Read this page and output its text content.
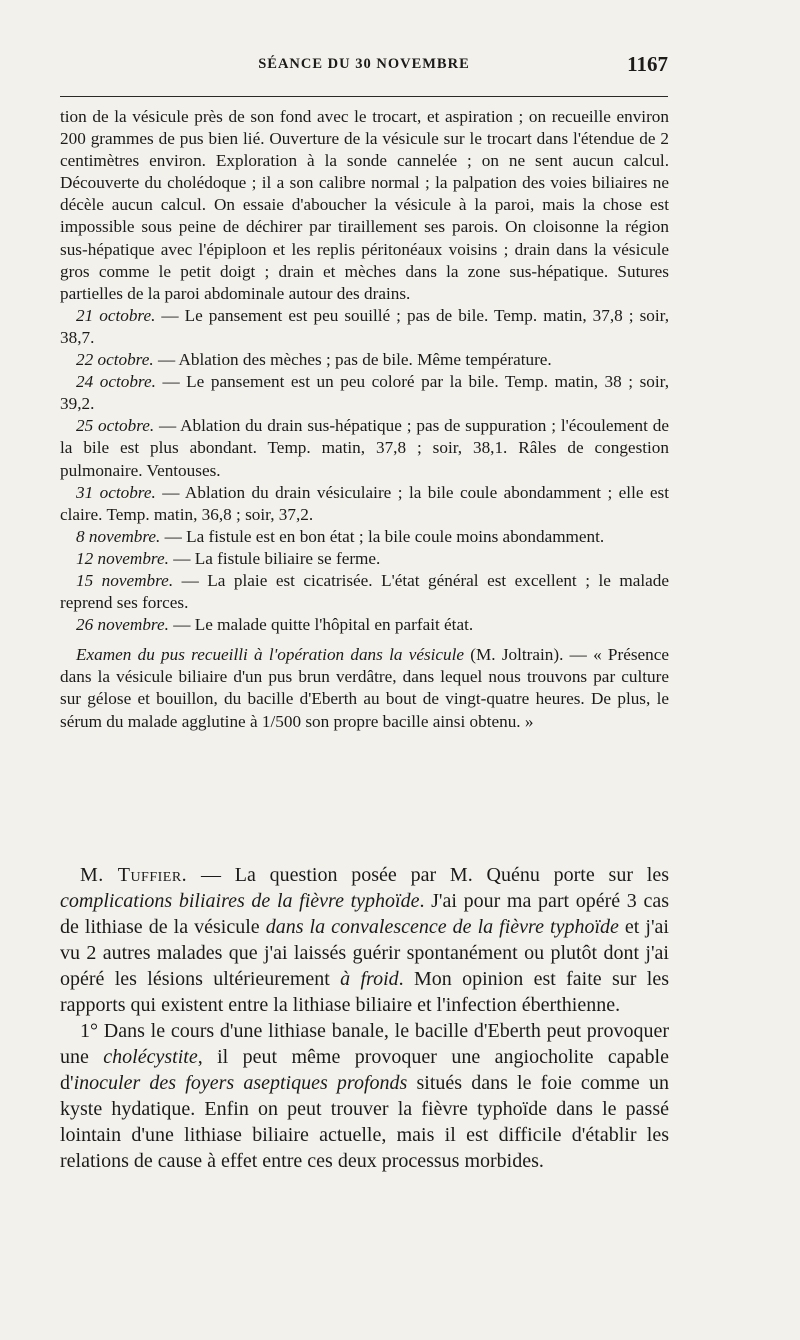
SÉANCE DU 30 NOVEMBRE	1167

tion de la vésicule près de son fond avec le trocart, et aspiration ; on recueille environ 200 grammes de pus bien lié. Ouverture de la vésicule sur le trocart dans l'étendue de 2 centimètres environ. Exploration à la sonde cannelée ; on ne sent aucun calcul. Découverte du cholédoque ; il a son calibre normal ; la palpation des voies biliaires ne décèle aucun calcul. On essaie d'aboucher la vésicule à la paroi, mais la chose est impossible sous peine de déchirer par tiraillement ses parois. On cloisonne la région sus-hépatique avec l'épiploon et les replis péritonéaux voisins ; drain dans la vésicule gros comme le petit doigt ; drain et mèches dans la zone sus-hépatique. Sutures partielles de la paroi abdominale autour des drains.

21 octobre. — Le pansement est peu souillé ; pas de bile. Temp. matin, 37,8 ; soir, 38,7.

22 octobre. — Ablation des mèches ; pas de bile. Même température.

24 octobre. — Le pansement est un peu coloré par la bile. Temp. matin, 38 ; soir, 39,2.

25 octobre. — Ablation du drain sus-hépatique ; pas de suppuration ; l'écoulement de la bile est plus abondant. Temp. matin, 37,8 ; soir, 38,1. Râles de congestion pulmonaire. Ventouses.

31 octobre. — Ablation du drain vésiculaire ; la bile coule abondamment ; elle est claire. Temp. matin, 36,8 ; soir, 37,2.

8 novembre. — La fistule est en bon état ; la bile coule moins abondamment.

12 novembre. — La fistule biliaire se ferme.

15 novembre. — La plaie est cicatrisée. L'état général est excellent ; le malade reprend ses forces.

26 novembre. — Le malade quitte l'hôpital en parfait état.

Examen du pus recueilli à l'opération dans la vésicule (M. Joltrain). — « Présence dans la vésicule biliaire d'un pus brun verdâtre, dans lequel nous trouvons par culture sur gélose et bouillon, du bacille d'Eberth au bout de vingt-quatre heures. De plus, le sérum du malade agglutine à 1/500 son propre bacille ainsi obtenu. »

M. Tuffier. — La question posée par M. Quénu porte sur les complications biliaires de la fièvre typhoïde. J'ai pour ma part opéré 3 cas de lithiase de la vésicule dans la convalescence de la fièvre typhoïde et j'ai vu 2 autres malades que j'ai laissés guérir spontanément ou plutôt dont j'ai opéré les lésions ultérieurement à froid. Mon opinion est faite sur les rapports qui existent entre la lithiase biliaire et l'infection éberthienne.

1° Dans le cours d'une lithiase banale, le bacille d'Eberth peut provoquer une cholécystite, il peut même provoquer une angiocholite capable d'inoculer des foyers aseptiques profonds situés dans le foie comme un kyste hydatique. Enfin on peut trouver la fièvre typhoïde dans le passé lointain d'une lithiase biliaire actuelle, mais il est difficile d'établir les relations de cause à effet entre ces deux processus morbides.
